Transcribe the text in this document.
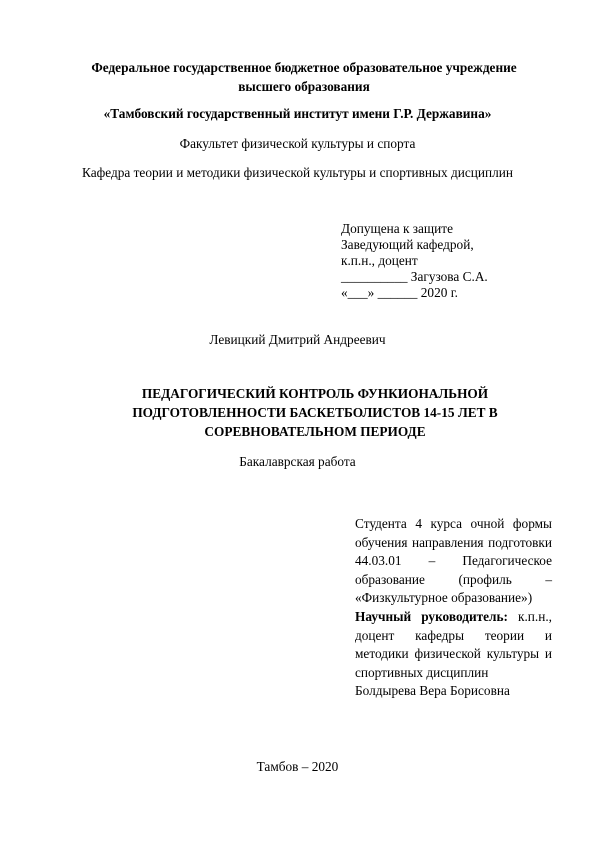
Федеральное государственное бюджетное образовательное учреждение
высшего образования
«Тамбовский государственный институт имени Г.Р. Державина»
Факультет физической культуры и спорта
Кафедра теории и методики физической культуры и спортивных дисциплин
Допущена к защите
Заведующий кафедрой,
к.п.н., доцент
__________ Загузова С.А.
«___» ______ 2020 г.
Левицкий Дмитрий Андреевич
ПЕДАГОГИЧЕСКИЙ КОНТРОЛЬ ФУНКИОНАЛЬНОЙ
ПОДГОТОВЛЕННОСТИ БАСКЕТБОЛИСТОВ 14-15 ЛЕТ В
СОРЕВНОВАТЕЛЬНОМ ПЕРИОДЕ
Бакалаврская работа

Студента 4 курса очной формы обучения направления подготовки 44.03.01 – Педагогическое образование (профиль – «Физкультурное образование»)

Научный руководитель: к.п.н., доцент кафедры теории и методики физической культуры и спортивных дисциплин

Болдырева Вера Борисовна

Тамбов – 2020
